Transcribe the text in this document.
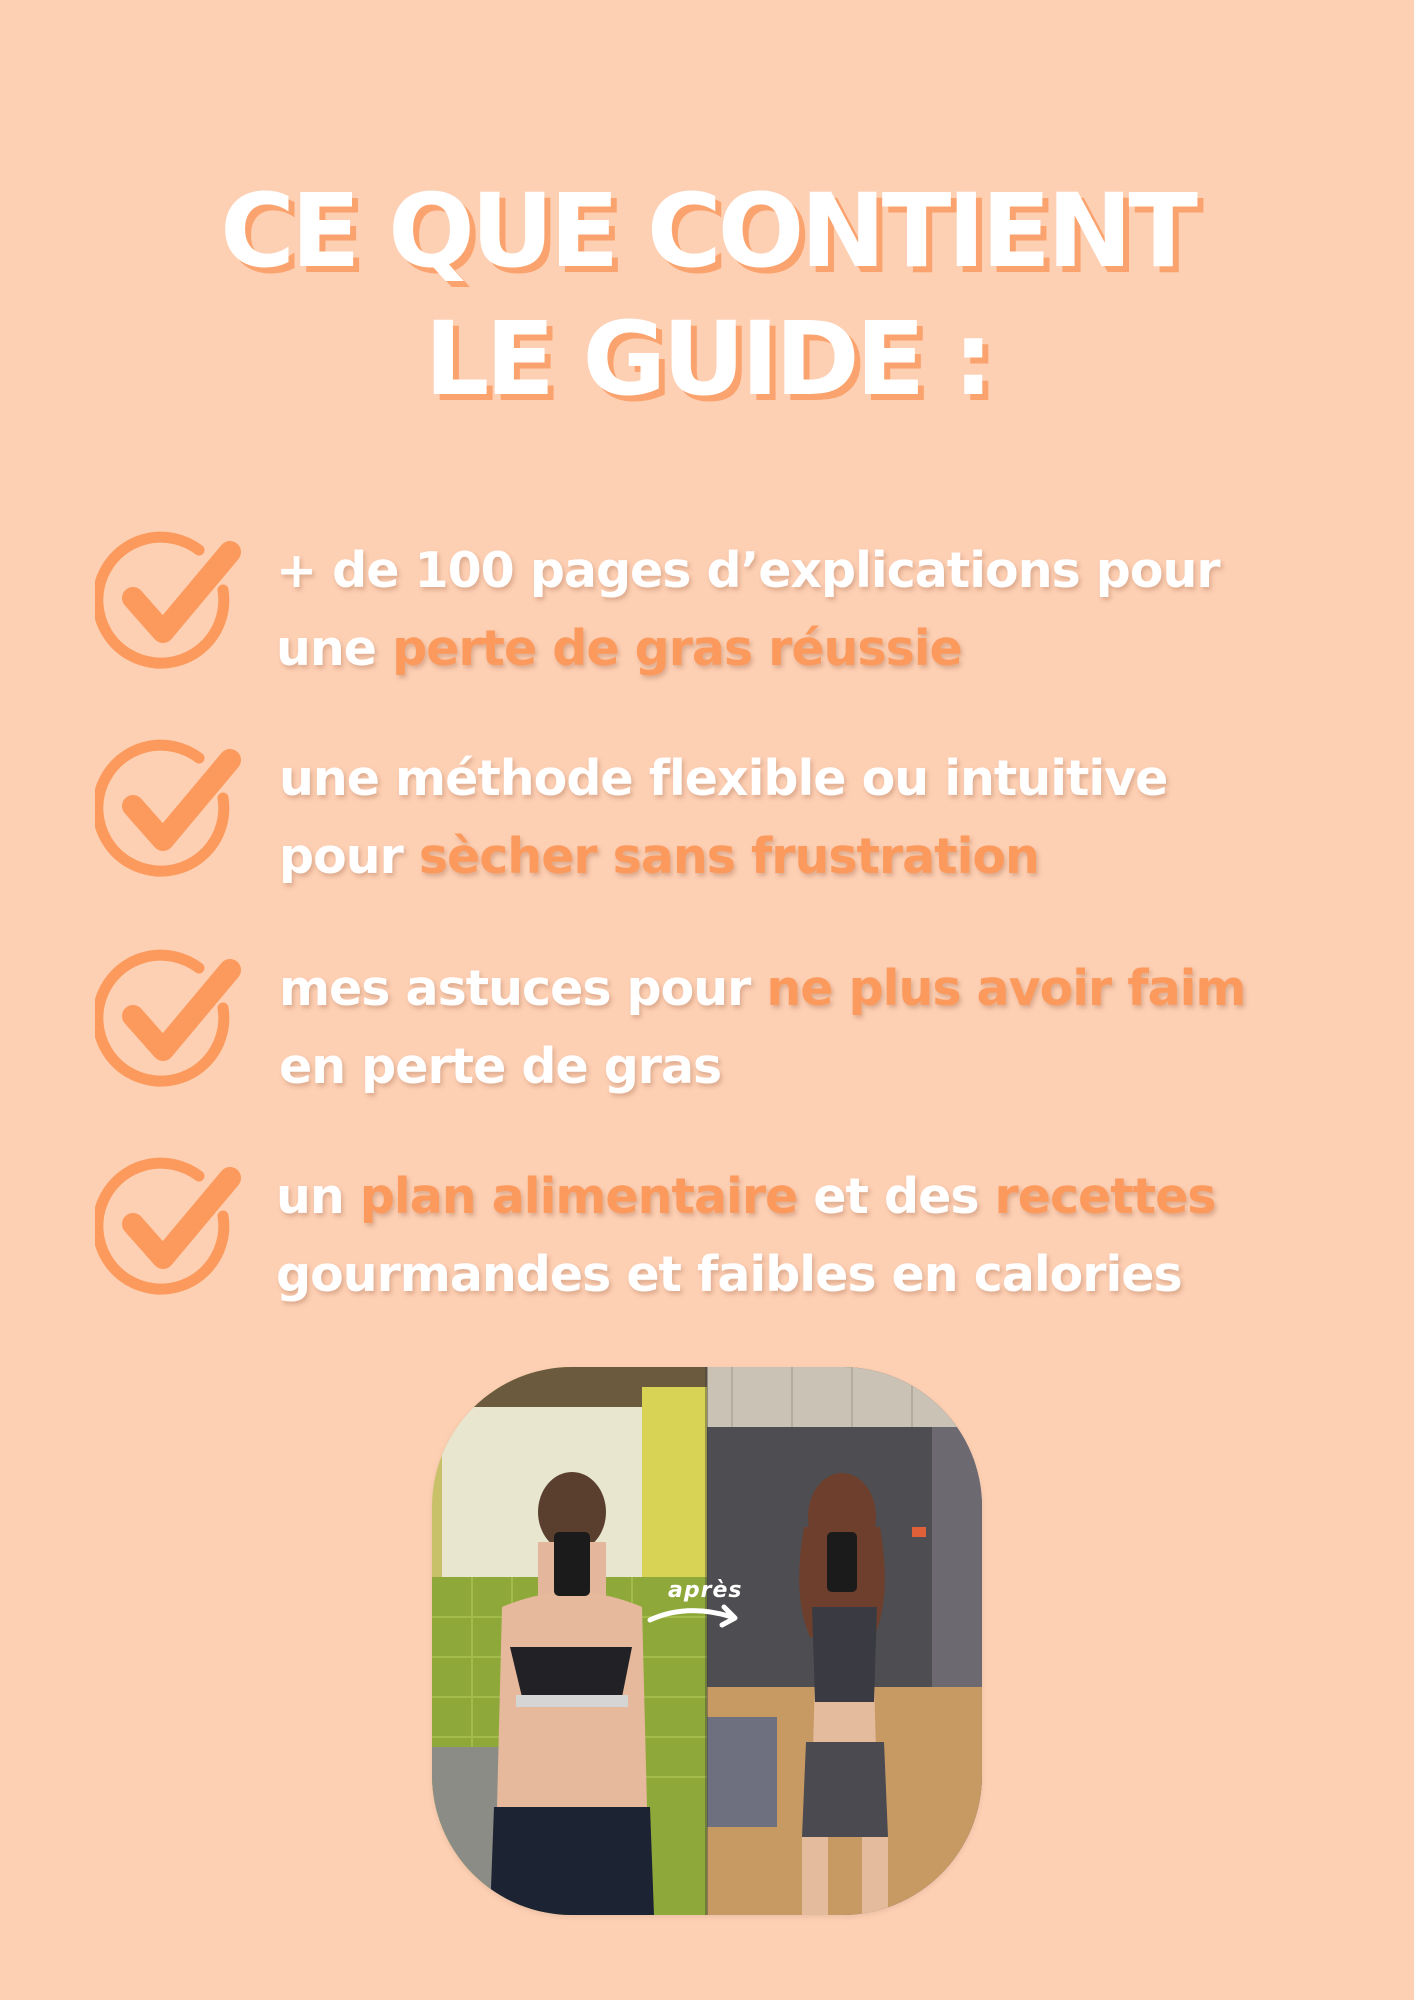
CE QUE CONTIENT
LE GUIDE :
+ de 100 pages d’explications pour
une perte de gras réussie
une méthode flexible ou intuitive
pour sècher sans frustration
mes astuces pour ne plus avoir faim
en perte de gras
un plan alimentaire et des recettes
gourmandes et faibles en calories
après
